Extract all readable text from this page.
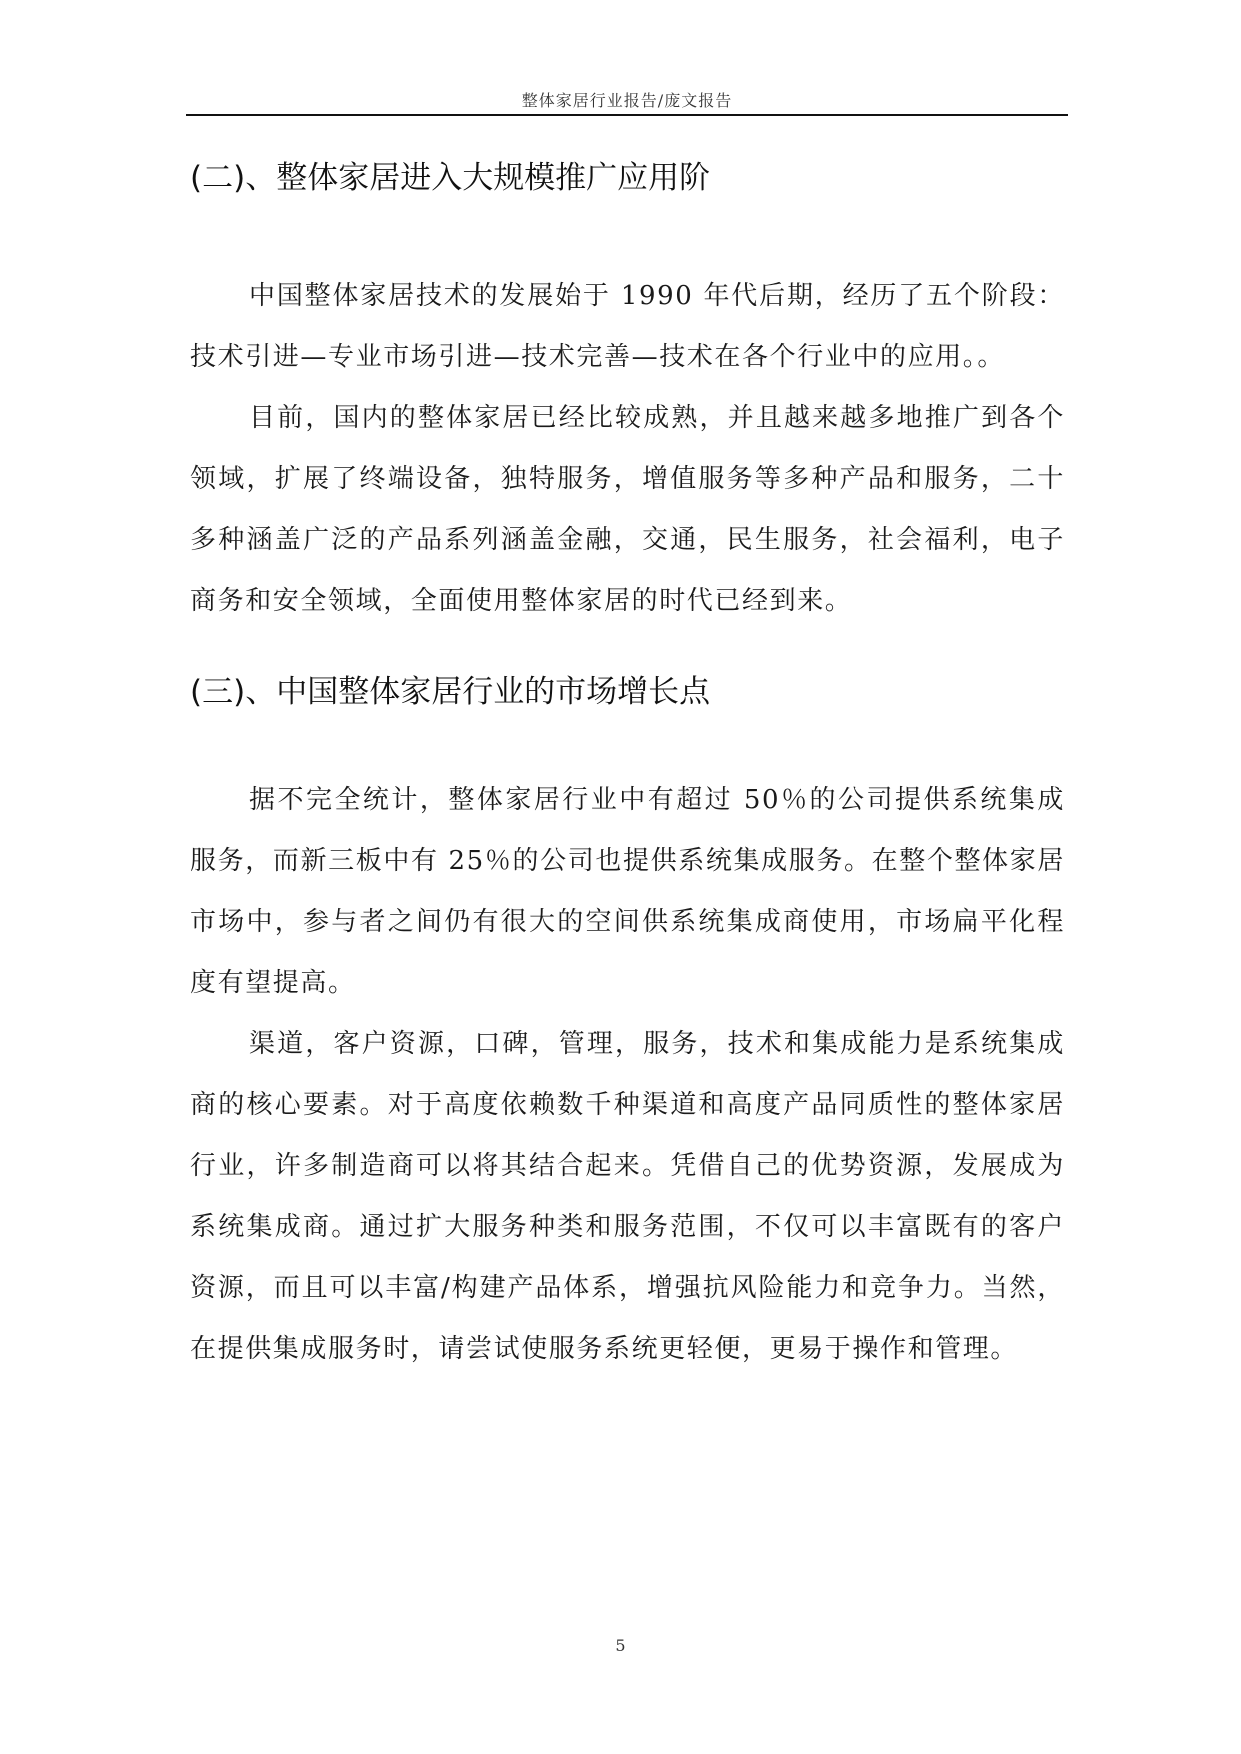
整体家居行业报告/庞文报告
(二)、整体家居进入大规模推广应用阶

中国整体家居技术的发展始于 1990 年代后期，经历了五个阶段：技术引进—专业市场引进—技术完善—技术在各个行业中的应用。。

目前，国内的整体家居已经比较成熟，并且越来越多地推广到各个领域，扩展了终端设备，独特服务，增值服务等多种产品和服务，二十多种涵盖广泛的产品系列涵盖金融，交通，民生服务，社会福利，电子商务和安全领域，全面使用整体家居的时代已经到来。

(三)、中国整体家居行业的市场增长点

据不完全统计，整体家居行业中有超过 50％的公司提供系统集成服务，而新三板中有 25％的公司也提供系统集成服务。在整个整体家居市场中，参与者之间仍有很大的空间供系统集成商使用，市场扁平化程度有望提高。

渠道，客户资源，口碑，管理，服务，技术和集成能力是系统集成商的核心要素。对于高度依赖数千种渠道和高度产品同质性的整体家居行业，许多制造商可以将其结合起来。凭借自己的优势资源，发展成为系统集成商。通过扩大服务种类和服务范围，不仅可以丰富既有的客户资源，而且可以丰富/构建产品体系，增强抗风险能力和竞争力。当然，在提供集成服务时，请尝试使服务系统更轻便，更易于操作和管理。

5
